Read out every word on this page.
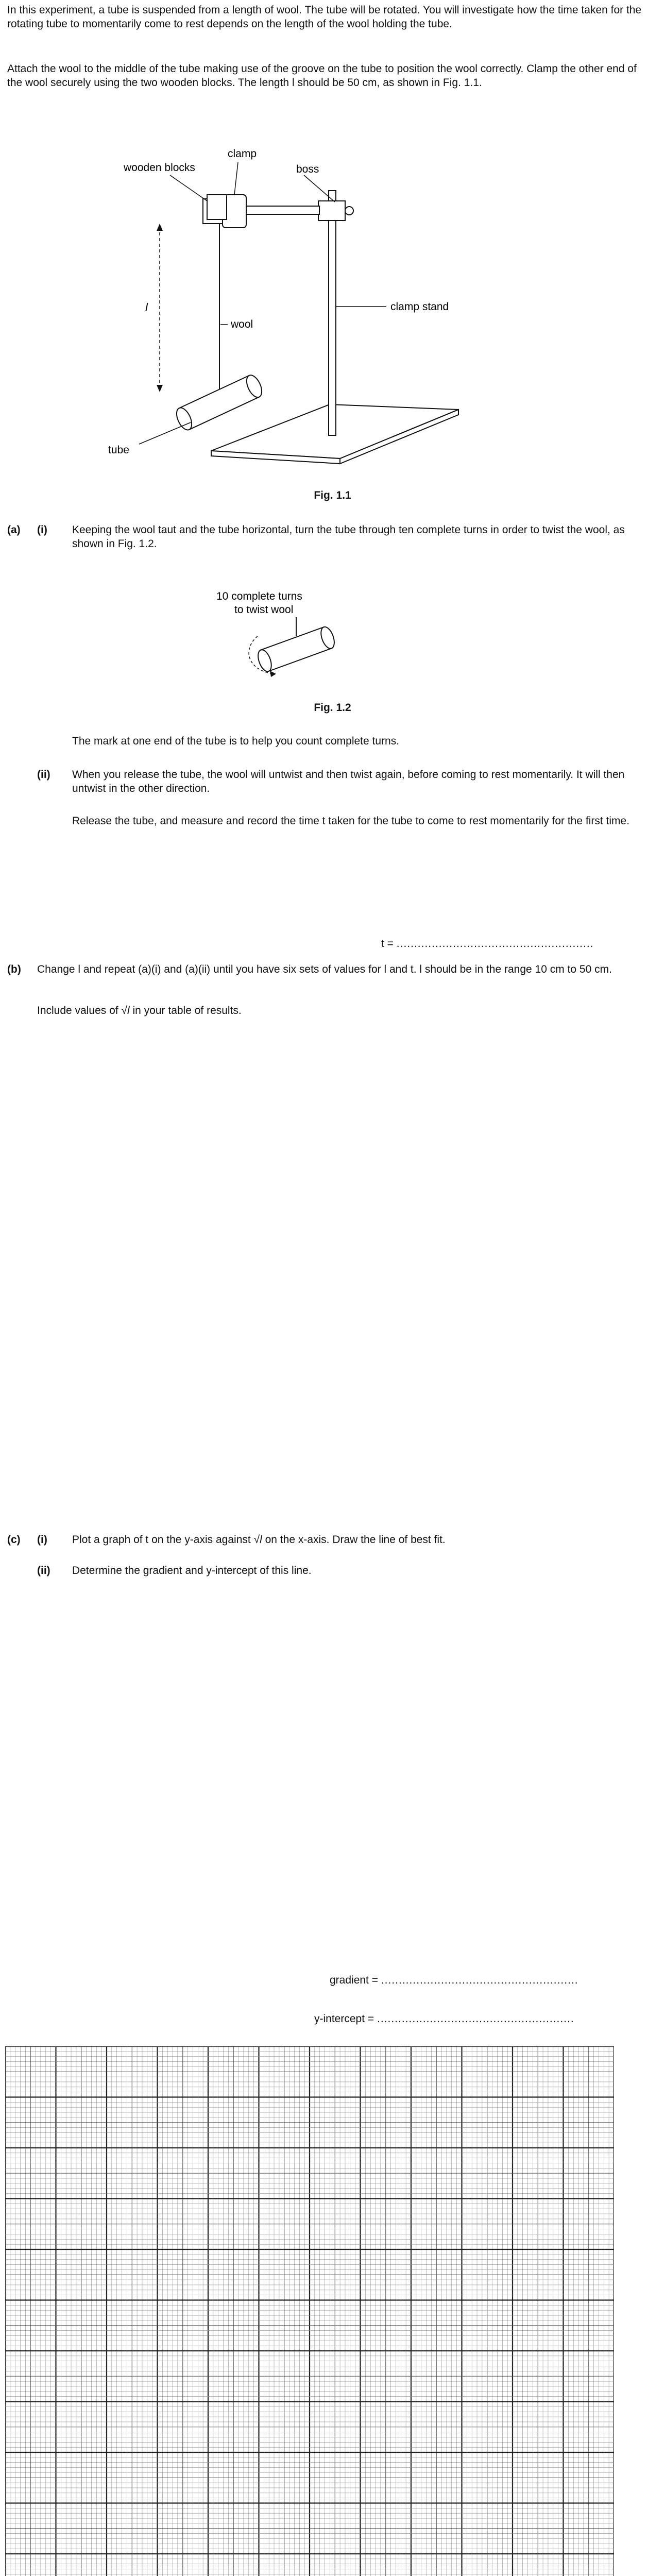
In this experiment, a tube is suspended from a length of wool. The tube will be rotated. You will investigate how the time taken for the rotating tube to momentarily come to rest depends on the length of the wool holding the tube.

Attach the wool to the middle of the tube making use of the groove on the tube to position the wool correctly. Clamp the other end of the wool securely using the two wooden blocks. The length l should be 50 cm, as shown in Fig. 1.1.

clamp
boss
wooden blocks
wool
clamp stand
l
tube

Fig. 1.1

(a) (i) Keeping the wool taut and the tube horizontal, turn the tube through ten complete turns in order to twist the wool, as shown in Fig. 1.2.

10 complete turns
to twist wool

Fig. 1.2

The mark at one end of the tube is to help you count complete turns.

(ii) When you release the tube, the wool will untwist and then twist again, before coming to rest momentarily. It will then untwist in the other direction.

Release the tube, and measure and record the time t taken for the tube to come to rest momentarily for the first time.

t = ........................................................
(b) Change l and repeat (a)(i) and (a)(ii) until you have six sets of values for l and t. l should be in the range 10 cm to 50 cm.

Include values of √l in your table of results.

(c) (i) Plot a graph of t on the y-axis against √l on the x-axis. Draw the line of best fit.

(ii) Determine the gradient and y-intercept of this line.

gradient = ........................................................
y-intercept = ........................................................
